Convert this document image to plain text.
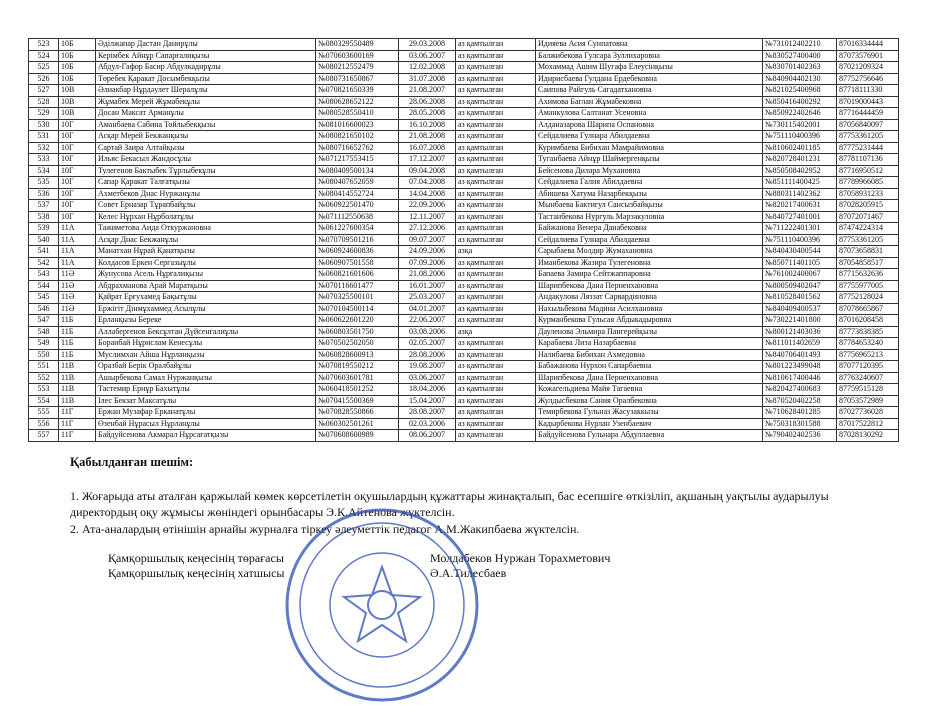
523	10Б	Әділжапар Дастан Данирұлы	№080329550489	29.03.2008	аз қамтылған	Идияева Асия Сунпатовна	№731012402210	87016334444
524	10Б	Керімбек Айнұр Сапарғалиқызы	№070603600169	03.06.2007	аз қамтылған	Балжибекова Гулсара Зуллихаровна	№830527400400	87073576901
525	10Б	Абдул-Гафор Басир Абдулкадирұлы	№080212552479	12.02.2008	аз қамтылған	Мохаммад Ашим Шугафа Елеусінқызы	№830701402363	87021209324
526	10Б	Төребек Қаракат Досымбекқызы	№080731650867	31.07.2008	аз қамтылған	Идирисбаева Гулдана Ердебековна	№840904402130	87752756646
527	10В	Әлиакбар Нұрдәулет Шералұлы	№070821650339	21.08.2007	аз қамтылған	Саипова Райгуль Сагадатхановна	№821025400968	87718111330
528	10В	Жұмабек Мерей Жұмабекұлы	№080628652122	28.06.2008	аз қамтылған	Ахимова Баглан Жұмабековна	№850416400292	87019000443
529	10В	Досан Максат Арманұлы	№080528550410	28.05.2008	аз қамтылған	Аманкулова Салтанат Усеновна	№850922402646	87716444459
530	10Г	Аманбаева Сабина Тойлыбекқызы	№081016600023	16.10.2008	аз қамтылған	Алданазарова Шарипа Оспановна	№730115402001	87056840097
531	10Г	Асқар Мерей Бекжанқызы	№080821650102	21.08.2008	аз қамтылған	Сейдалиева Гулнара Абилдаевна	№751110400396	87753361205
532	10Г	Сартай Заира Алтайқызы	№080716652762	16.07.2008	аз қамтылған	Куримбаева Бибихан Мамрайимовна	№810602401185	87775231444
533	10Г	Ильяс Бекасыл Жандосұлы	№071217553415	17.12.2007	аз қамтылған	Туганбаева Айнұр Шаймергенқызы	№820728401231	87781107136
534	10Г	Тулегенов Бактыбек Тұрлыбекұлы	№080409500134	09.04.2008	аз қамтылған	Бейсенова Дилара Мухановна	№850508402952	87716950512
535	10Г	Сапар Қаракат Талғатқызы	№080407652059	07.04.2008	аз қамтылған	Сейдалиева Галия Абилдаевна	№851111400425	87789966085
536	10Г	Ахметбеков Днас Нуржанұлы	№080414552724	14.04.2008	аз қамтылған	Абишева Хатума Назарбекқызы	№880311402362	87058931233
537	10Г	Совет Ерназар Тұрапбайұлы	№060922501470	22.09.2006	аз қамтылған	Мынбаева Бактигул Сансызбайқызы	№820217400631	87028205915
538	10Г	Келес Нұрхан Нұрболатұлы	№071112550638	12.11.2007	аз қамтылған	Тастанбекова Нургуль Марзакуловна	№840727401001	87072071467
539	11А	Тажиметова Аида Откуржановна	№061227600354	27.12.2006	аз қамтылған	Байжанова Венера Данабековна	№711222401301	87474224314
540	11А	Асқар Днас Бекжанұлы	№070709501216	09.07.2007	аз қамтылған	Сейдалиева Гулнара Абилдаевна	№751110400396	87753361205
541	11А	Манатхан Нұрай Қанатқызы	№060924600836	24.09.2006	азқа	Сарыбаева Молдир Жумахановна	№840430400544	87073658831
542	11А	Колдасов Еркен Сергазыұлы	№060907501558	07.09.2006	аз қамтылған	Иманбекова Жазира Тулегеновна	№850711401105	87054858517
543	11Ә	Жунусова Асель Нұрғалиқызы	№060821601606	21.08.2006	аз қамтылған	Бапаева Замира Сейтжаппаровна	№761002400067	87715632636
544	11Ә	Абдрахманова Арай Маратқызы	№070116601477	16.01.2007	аз қамтылған	Шарипбекова Дана Перненхановна	№800509402047	87755977005
545	11Ә	Қайрат Ерғухамед Бақытұлы	№070325500101	25.03.2007	аз қамтылған	Андакулова Ляззат Сарвардиновна	№810528401562	87752128024
546	11Ә	Ержігіт Дінмұхаммед Асылұлы	№070104500114	04.01.2007	аз қамтылған	Нахыльбекова Мадина Асилхановна	№840409400537	87078665867
547	11Б	Ерланқызы Береке	№060622601220	22.06.2007	аз қамтылған	Курманбекова Гульсая Абдыкадыровна	№730221401800	87016208458
548	11Б	Аллабергенов Бексұлтан Дүйсенғалиұлы	№060803501750	03.08.2006	азқа	Дауленова Эльмира Пангерейқызы	№800121403036	87773838385
549	11Б	Боранбай Нұрислам Кенесұлы	№070502502050	02.05.2007	аз қамтылған	Карабаева Лиза Назарбаевна	№811011402659	87784653240
550	11Б	Муслимхан Айша Нұрланқызы	№060828600913	28.08.2006	аз қамтылған	Налибаева Бибихан Ахмедовна	№840706401493	87756965213
551	11В	Оразбай Берік Оралбайұлы	№070819550212	19.08.2007	аз қамтылған	Бабажанова Нурхон Сапарбаевна	№801223499048	87077120395
552	11В	Ашырбекова Самал Нуржанқызы	№070603601781	03.06.2007	аз қамтылған	Шарипбекова Дана Перненхановна	№810617400446	87763240607
553	11В	Тастемир Ернұр Бахытұлы	№060418501252	18.04.2006	аз қамтылған	Кожагельдиева Майя Тагаевна	№820427400683	87759515128
554	11В	Ілес Бекзат Максатұлы	№070415500369	15.04.2007	аз қамтылған	Жулдысбекова Сания Оралбековна	№870520402258	87053572989
555	11Г	Ержан Музафар Ерканатұлы	№070828550866	28.08.2007	аз қамтылған	Темирбекова Гульназ Жасузаккызы	№710628401285	87027736028
556	11Г	Өзенбай Нұрасыл Нұрланұлы	№060302501261	02.03.2006	аз қамтылған	Кадырбекова Нурлан Узенбаевич	№750318301588	87017522812
557	11Г	Байдуйсенова Акмарал Нұрсағатқызы	№070608600989	08.06.2007	аз қамтылған	Байдуйсенова Гульнара Абдуллаевна	№790402402536	87028130292
Қабылданған шешім:
1. Жоғарыда аты аталған қаржылай көмек көрсетілетін оқушылардың құжаттары жинақталып, бас есепшіге өткізіліп, ақшаның уақтылы аударылуы директордың оқу жұмысы жөніндегі орынбасары Э.К.Айтенова жүктелсін.
2. Ата-аналардың өтінішін арнайы журналға тіркеу әлеуметтік педагог А.М.Жакипбаева жүктелсін.
Қамқоршылық кеңесінің төрағасы	Молдабеков Нуржан Торахметович
Қамқоршылық кеңесінің хатшысы	Ә.А.Тилесбаев
